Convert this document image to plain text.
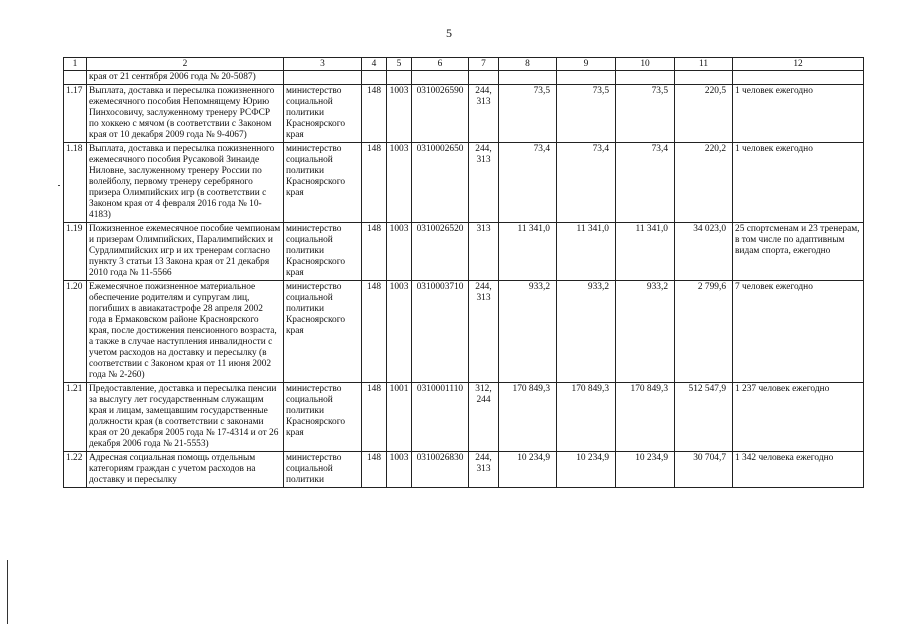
5
1	2	3	4	5	6	7	8	9	10	11	12
	края от 21 сентября 2006 года № 20-5087)										
1.17	Выплата, доставка и пересылка пожизненного ежемесячного пособия Непомнящему Юрию Пинхосовичу, заслуженному тренеру РСФСР по хоккею с мячом (в соответствии с Законом края от 10 декабря 2009 года № 9-4067)	министерство социальной политики Красноярского края	148	1003	0310026590	244, 313	73,5	73,5	73,5	220,5	1 человек ежегодно
1.18	Выплата, доставка и пересылка пожизненного ежемесячного пособия Русаковой Зинаиде Ниловне, заслуженному тренеру России по волейболу, первому тренеру серебряного призера Олимпийских игр (в соответствии с Законом края от 4 февраля 2016 года № 10-4183)	министерство социальной политики Красноярского края	148	1003	0310002650	244, 313	73,4	73,4	73,4	220,2	1 человек ежегодно
1.19	Пожизненное ежемесячное пособие чемпионам и призерам Олимпийских, Паралимпийских и Сурдлимпийских игр и их тренерам согласно пункту 3 статьи 13 Закона края от 21 декабря 2010 года № 11-5566	министерство социальной политики Красноярского края	148	1003	0310026520	313	11 341,0	11 341,0	11 341,0	34 023,0	25 спортсменам и 23 тренерам, в том числе по адаптивным видам спорта, ежегодно
1.20	Ежемесячное пожизненное материальное обеспечение родителям и супругам лиц, погибших в авиакатастрофе 28 апреля 2002 года в Ермаковском районе Красноярского края, после достижения пенсионного возраста, а также в случае наступления инвалидности с учетом расходов на доставку и пересылку (в соответствии с Законом края от 11 июня 2002 года № 2-260)	министерство социальной политики Красноярского края	148	1003	0310003710	244, 313	933,2	933,2	933,2	2 799,6	7 человек ежегодно
1.21	Предоставление, доставка и пересылка пенсии за выслугу лет государственным служащим края и лицам, замещавшим государственные должности края (в соответствии с законами края от 20 декабря 2005 года № 17-4314 и от 26 декабря 2006 года № 21-5553)	министерство социальной политики Красноярского края	148	1001	0310001110	312, 244	170 849,3	170 849,3	170 849,3	512 547,9	1 237 человек ежегодно
1.22	Адресная социальная помощь отдельным категориям граждан с учетом расходов на доставку и пересылку	министерство социальной политики	148	1003	0310026830	244, 313	10 234,9	10 234,9	10 234,9	30 704,7	1 342 человека ежегодно
